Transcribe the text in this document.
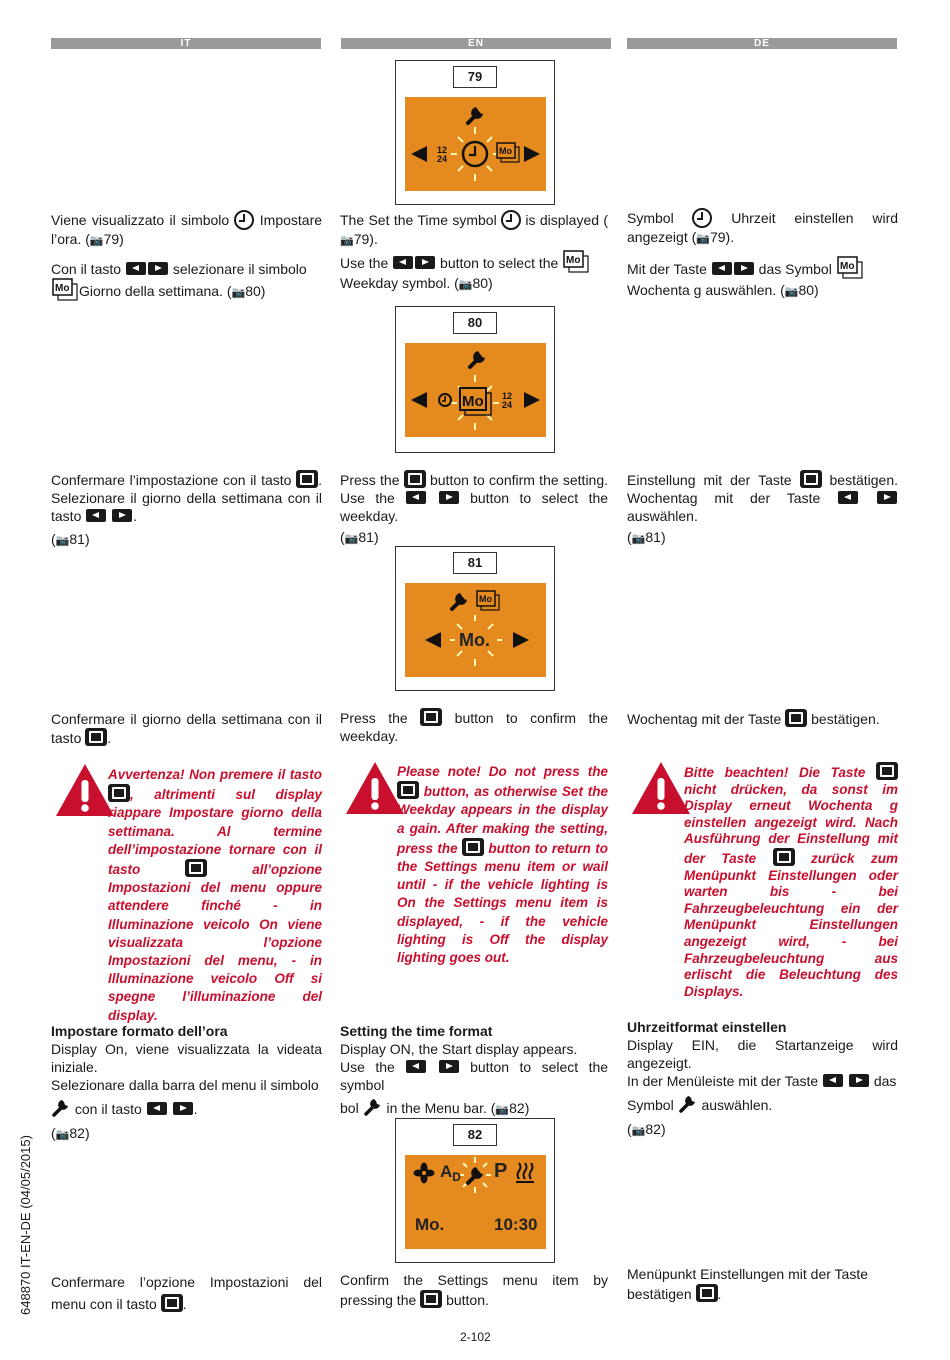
IT	EN	DE
79
12
24
Mo
Viene visualizzato il simbolo Impostare l’ora. (📷79)
Con il tasto	selezionare il simbolo

Mo Giorno della settimana. (📷80)
The Set the Time symbol is displayed (📷79).
Use the	button to select the Mo

Weekday symbol. (📷80)
Symbol	Uhrzeit einstellen wird angezeigt (📷79).
Mit der Taste	das Symbol Mo

Wochenta g auswählen. (📷80)
80
Mo 12
24
Confermare l’impostazione con il tasto . Selezionare il giorno della settimana con il tasto	.
(📷81)
Press the button to confirm the setting. Use the	button to select the weekday.
(📷81)
Einstellung mit der Taste	bestätigen. Wochentag mit der Taste   auswählen.
(📷81)
81
Mo
Mo.
Confermare il giorno della settimana con il tasto .
Press the	button to confirm the weekday.
Wochentag mit der Taste bestätigen.
Avvertenza! Non premere il tasto , altrimenti sul display riappare Impostare giorno della settimana. Al termine dell’impostazione tornare con il tasto	all’opzione Impostazioni del menu oppure attendere finché - in Illuminazione veicolo On viene visualizzata l’opzione Impostazioni del menu, - in Illuminazione veicolo Off si spegne l’illuminazione del display.
Please note! Do not press the  button, as otherwise Set the Weekday appears in the display a gain. After making the setting, press the button to return to the Settings menu item or wail until - if the vehicle lighting is On the Settings menu item is displayed, - if the vehicle lighting is Off the display lighting goes out.
Bitte beachten! Die Taste  nicht drücken, da sonst im Display erneut Wochenta g einstellen angezeigt wird. Nach Ausführung der Einstellung mit der Taste	zurück zum Menüpunkt Einstellungen oder warten bis - bei Fahrzeugbeleuchtung ein der Menüpunkt Einstellungen angezeigt wird, - bei Fahrzeugbeleuchtung aus erlischt die Beleuchtung des Displays.
Impostare formato dell’ora
Display On, viene visualizzata la videata iniziale.
Selezionare dalla barra del menu il simbolo
con il tasto	.
(📷82)
Setting the time format
Display ON, the Start display appears.
Use the	button to select the symbol
bol in the Menu bar. (📷82)
Uhrzeitformat einstellen
Display EIN, die Startanzeige wird angezeigt.
In der Menüleiste mit der Taste	das
Symbol auswählen.
(📷82)
82
$A_D$ P
Mo.	10:30
Confermare l’opzione Impostazioni del menu con il tasto .
Confirm the Settings menu item by pressing the button.
Menüpunkt Einstellungen mit der Taste bestätigen .
648870 IT-EN-DE (04/05/2015)
2-102
